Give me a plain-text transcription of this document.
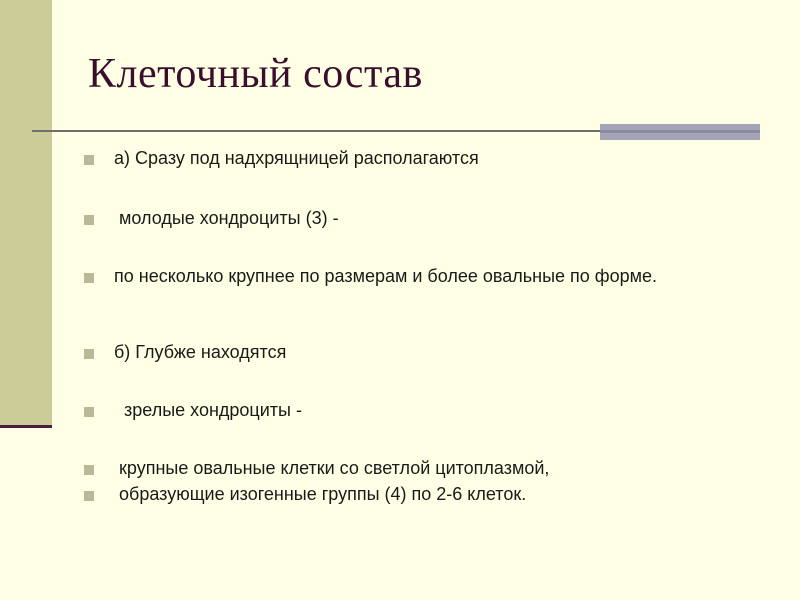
Клеточный состав
а) Сразу под надхрящницей располагаются
молодые хондроциты (3) -
по несколько крупнее по размерам и более овальные по форме.
б) Глубже находятся
зрелые хондроциты -
крупные овальные клетки со светлой цитоплазмой,
образующие изогенные группы (4) по 2-6 клеток.
